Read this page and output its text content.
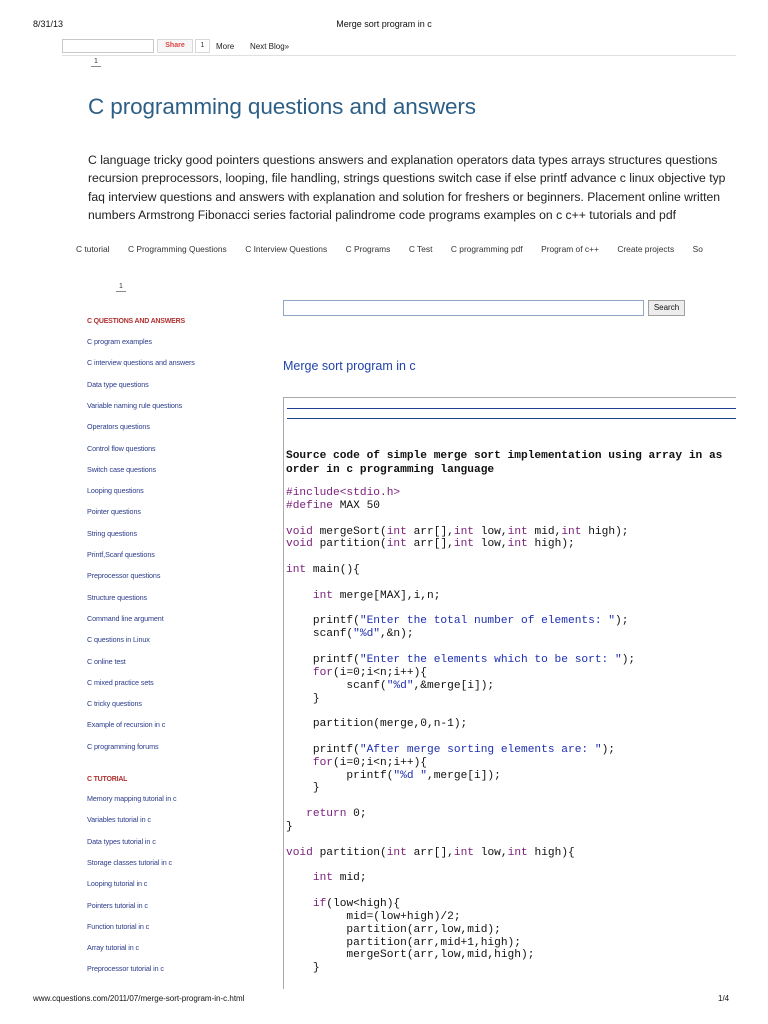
8/31/13	Merge sort program in c
Share	1	More Next Blog»
1
C programming questions and answers
C language tricky good pointers questions answers and explanation operators data types arrays structures questions
recursion preprocessors, looping, file handling, strings questions switch case if else printf advance c linux objective typ
faq interview questions and answers with explanation and solution for freshers or beginners. Placement online written
numbers Armstrong Fibonacci series factorial palindrome code programs examples on c c++ tutorials and pdf
C tutorial C Programming Questions C Interview Questions C Programs C Test C programming pdf Program of c++ Create projects So
1
C QUESTIONS AND ANSWERS
C program examples
C interview questions and answers
Data type questions
Variable naming rule questions
Operators questions
Control flow questions
Switch case questions
Looping questions
Pointer questions
String questions
Printf,Scanf questions
Preprocessor questions
Structure questions
Command line argument
C questions in Linux
C online test
C mixed practice sets
C tricky questions
Example of recursion in c
C programming forums
C TUTORIAL
Memory mapping tutorial in c
Variables tutorial in c
Data types tutorial in c
Storage classes tutorial in c
Looping tutorial in c
Pointers tutorial in c
Function tutorial in c
Array tutorial in c
Preprocessor tutorial in c
Search
Merge sort program in c
Source code of simple merge sort implementation using array in as
order in c programming language
#include<stdio.h>
#define MAX 50
void mergeSort(int arr[],int low,int mid,int high);
void partition(int arr[],int low,int high);
int main(){
int merge[MAX],i,n;
printf("Enter the total number of elements: ");
scanf("%d",&n);
printf("Enter the elements which to be sort: ");
for(i=0;i<n;i++){
scanf("%d",&merge[i]);
}
partition(merge,0,n-1);
printf("After merge sorting elements are: ");
for(i=0;i<n;i++){
printf("%d ",merge[i]);
}
return 0;
}
void partition(int arr[],int low,int high){
int mid;
if(low<high){
mid=(low+high)/2;
partition(arr,low,mid);
partition(arr,mid+1,high);
mergeSort(arr,low,mid,high);
}
www.cquestions.com/2011/07/merge-sort-program-in-c.html	1/4
